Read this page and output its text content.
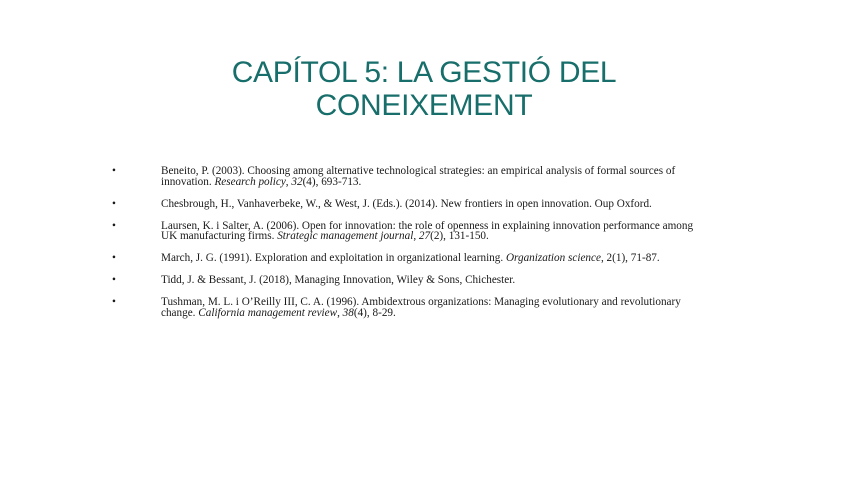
CAPÍTOL 5: LA GESTIÓ DEL
CONEIXEMENT
•	Beneito, P. (2003). Choosing among alternative technological strategies: an empirical analysis of formal sources of innovation. Research policy, 32(4), 693-713.
•	Chesbrough, H., Vanhaverbeke, W., & West, J. (Eds.). (2014). New frontiers in open innovation. Oup Oxford.
•	Laursen, K. i Salter, A. (2006). Open for innovation: the role of openness in explaining innovation performance among UK manufacturing firms. Strategic management journal, 27(2), 131-150.
•	March, J. G. (1991). Exploration and exploitation in organizational learning. Organization science, 2(1), 71-87.
•	Tidd, J. & Bessant, J. (2018), Managing Innovation, Wiley & Sons, Chichester.
•	Tushman, M. L. i O’Reilly III, C. A. (1996). Ambidextrous organizations: Managing evolutionary and revolutionary change. California management review, 38(4), 8-29.
